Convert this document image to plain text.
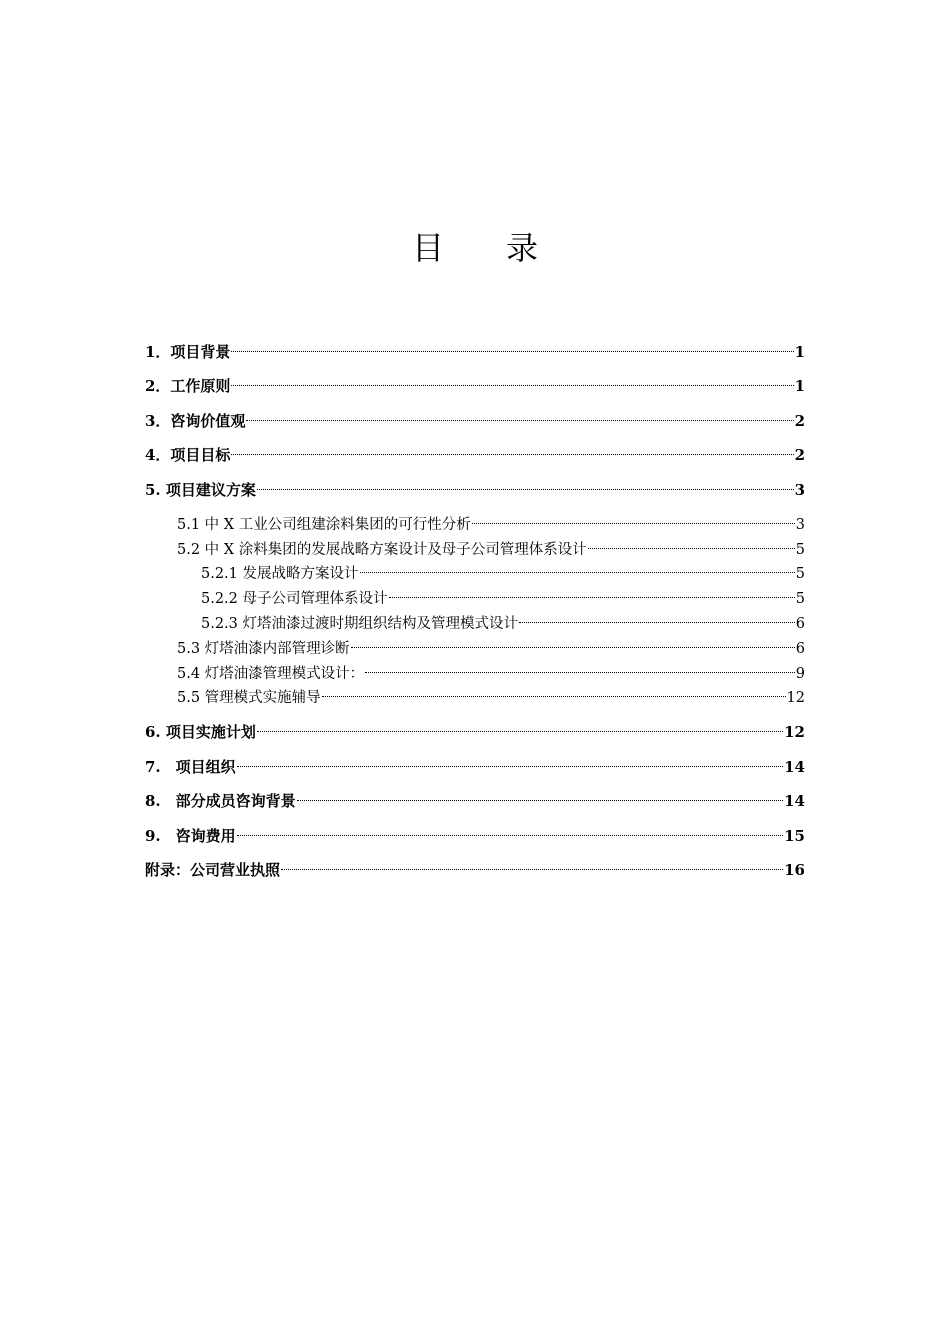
目 录
1．项目背景	1
2．工作原则	1
3．咨询价值观	2
4．项目目标	2
5. 项目建议方案	3
5.1 中 X 工业公司组建涂料集团的可行性分析	3
5.2 中 X 涂料集团的发展战略方案设计及母子公司管理体系设计	5
5.2.1 发展战略方案设计	5
5.2.2 母子公司管理体系设计	5
5.2.3 灯塔油漆过渡时期组织结构及管理模式设计	6
5.3 灯塔油漆内部管理诊断	6
5.4 灯塔油漆管理模式设计：	9
5.5 管理模式实施辅导	12
6. 项目实施计划	12
7.　项目组织	14
8.　部分成员咨询背景	14
9.　咨询费用	15
附录：公司营业执照	16
